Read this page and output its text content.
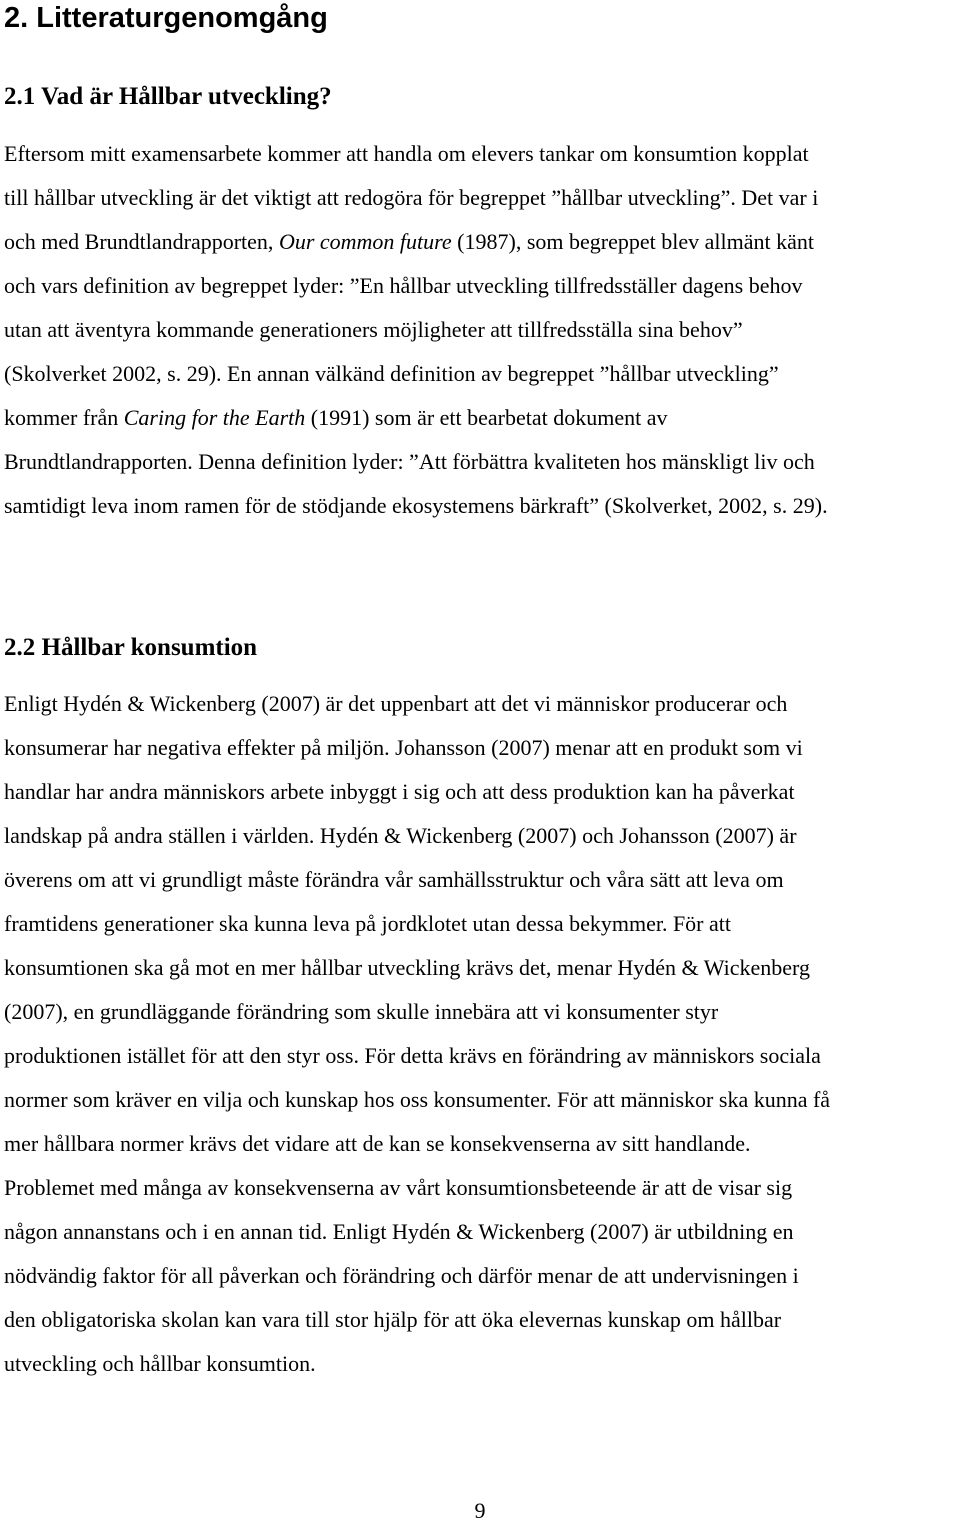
2. Litteraturgenomgång
2.1 Vad är Hållbar utveckling?
Eftersom mitt examensarbete kommer att handla om elevers tankar om konsumtion kopplat
till hållbar utveckling är det viktigt att redogöra för begreppet ”hållbar utveckling”. Det var i
och med Brundtlandrapporten, Our common future (1987), som begreppet blev allmänt känt
och vars definition av begreppet lyder: ”En hållbar utveckling tillfredsställer dagens behov
utan att äventyra kommande generationers möjligheter att tillfredsställa sina behov”
(Skolverket 2002, s. 29). En annan välkänd definition av begreppet ”hållbar utveckling”
kommer från Caring for the Earth (1991) som är ett bearbetat dokument av
Brundtlandrapporten. Denna definition lyder: ”Att förbättra kvaliteten hos mänskligt liv och
samtidigt leva inom ramen för de stödjande ekosystemens bärkraft” (Skolverket, 2002, s. 29).
2.2 Hållbar konsumtion
Enligt Hydén & Wickenberg (2007) är det uppenbart att det vi människor producerar och
konsumerar har negativa effekter på miljön. Johansson (2007) menar att en produkt som vi
handlar har andra människors arbete inbyggt i sig och att dess produktion kan ha påverkat
landskap på andra ställen i världen. Hydén & Wickenberg (2007) och Johansson (2007) är
överens om att vi grundligt måste förändra vår samhällsstruktur och våra sätt att leva om
framtidens generationer ska kunna leva på jordklotet utan dessa bekymmer. För att
konsumtionen ska gå mot en mer hållbar utveckling krävs det, menar Hydén & Wickenberg
(2007), en grundläggande förändring som skulle innebära att vi konsumenter styr
produktionen istället för att den styr oss. För detta krävs en förändring av människors sociala
normer som kräver en vilja och kunskap hos oss konsumenter. För att människor ska kunna få
mer hållbara normer krävs det vidare att de kan se konsekvenserna av sitt handlande.
Problemet med många av konsekvenserna av vårt konsumtionsbeteende är att de visar sig
någon annanstans och i en annan tid. Enligt Hydén & Wickenberg (2007) är utbildning en
nödvändig faktor för all påverkan och förändring och därför menar de att undervisningen i
den obligatoriska skolan kan vara till stor hjälp för att öka elevernas kunskap om hållbar
utveckling och hållbar konsumtion.
9
